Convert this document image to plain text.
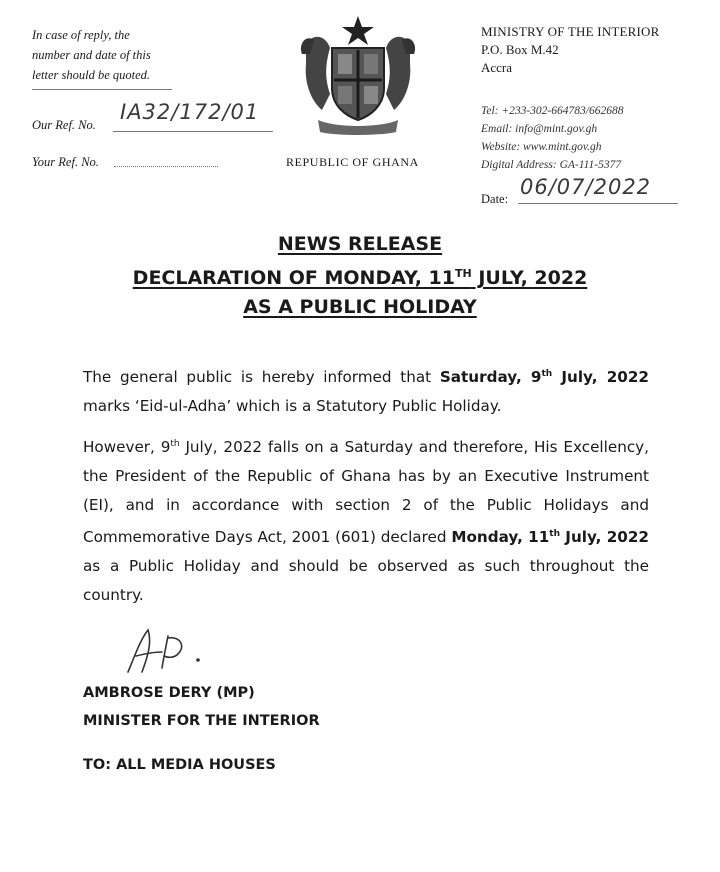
In case of reply, the
number and date of this
letter should be quoted.
Our Ref. No.
IA32/172/01
Your Ref. No.
MINISTRY OF THE INTERIOR
P.O. Box M.42
Accra
Tel: +233-302-664783/662688
Email: info@mint.gov.gh
Website: www.mint.gov.gh
Digital Address: GA-111-5377
REPUBLIC OF GHANA
Date: 06/07/2022
NEWS RELEASE
DECLARATION OF MONDAY, 11TH JULY, 2022
AS A PUBLIC HOLIDAY

The general public is hereby informed that Saturday, 9th July, 2022 marks ‘Eid-ul-Adha’ which is a Statutory Public Holiday.

However, 9th July, 2022 falls on a Saturday and therefore, His Excellency, the President of the Republic of Ghana has by an Executive Instrument (EI), and in accordance with section 2 of the Public Holidays and Commemorative Days Act, 2001 (601) declared Monday, 11th July, 2022 as a Public Holiday and should be observed as such throughout the country.

AMBROSE DERY (MP)
MINISTER FOR THE INTERIOR
TO: ALL MEDIA HOUSES
